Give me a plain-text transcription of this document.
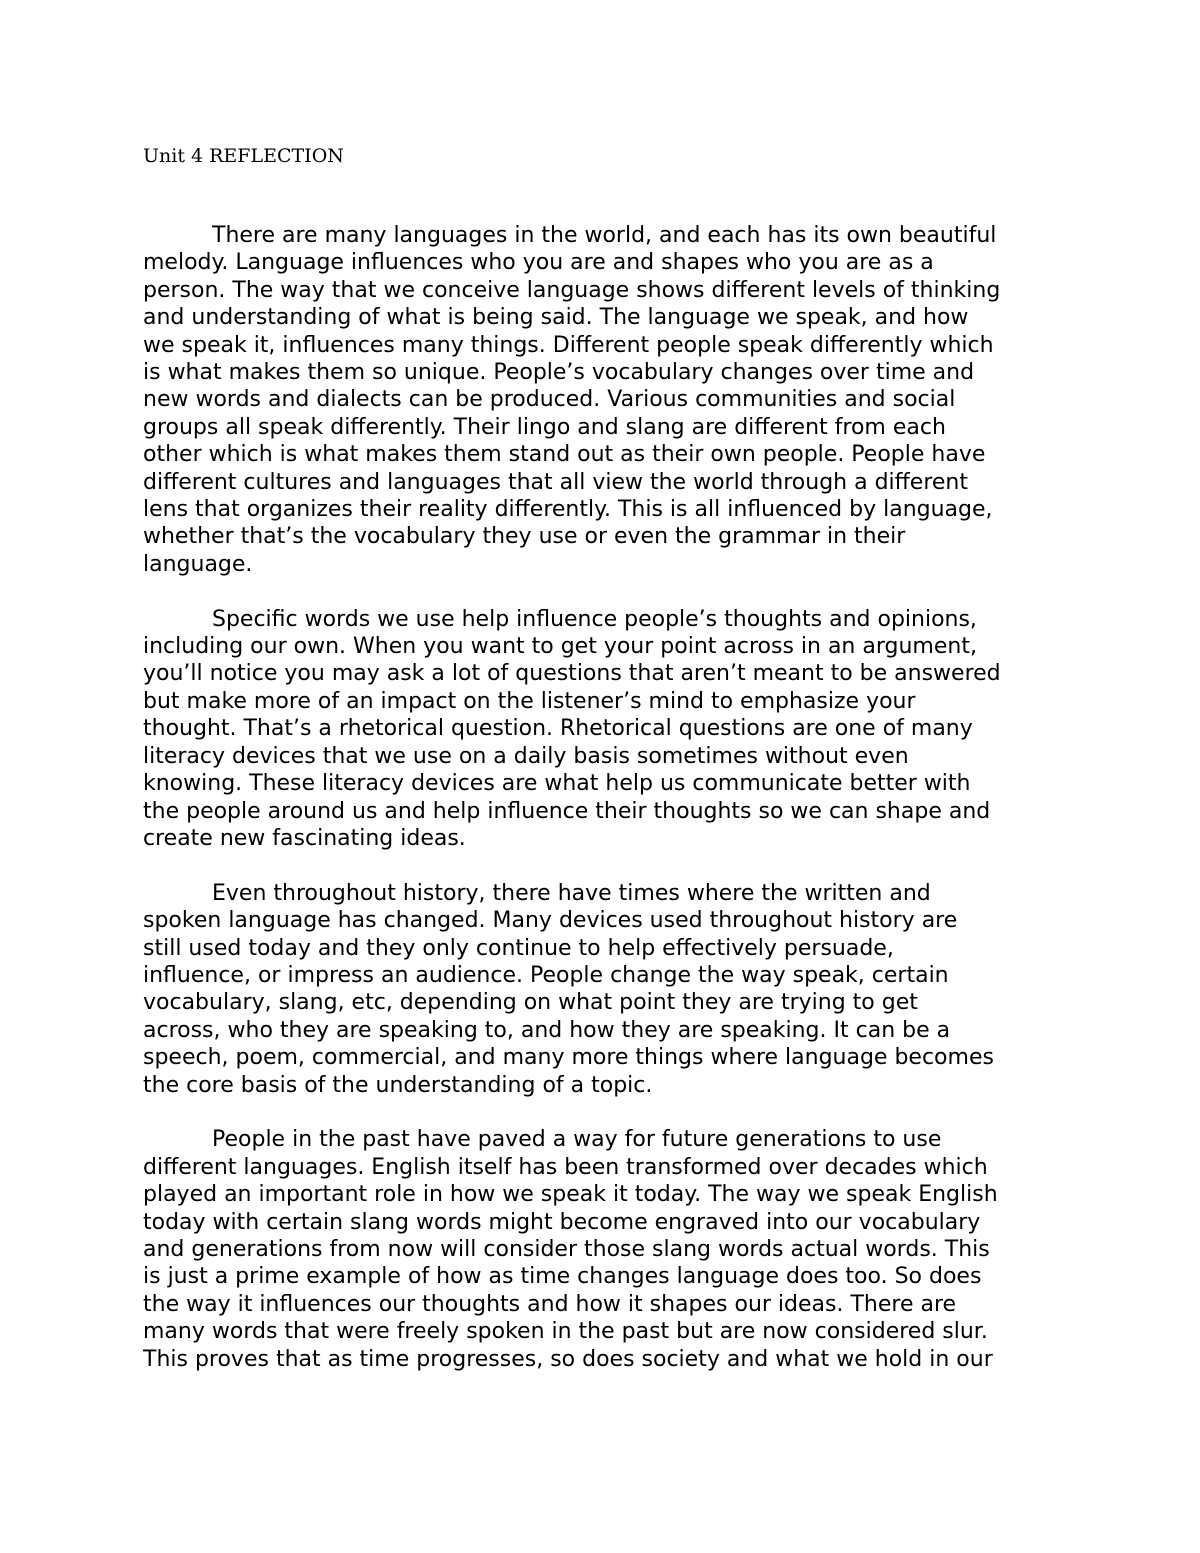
Unit 4 REFLECTION

There are many languages in the world, and each has its own beautiful
melody. Language influences who you are and shapes who you are as a
person. The way that we conceive language shows different levels of thinking
and understanding of what is being said. The language we speak, and how
we speak it, influences many things. Different people speak differently which
is what makes them so unique. People’s vocabulary changes over time and
new words and dialects can be produced. Various communities and social
groups all speak differently. Their lingo and slang are different from each
other which is what makes them stand out as their own people. People have
different cultures and languages that all view the world through a different
lens that organizes their reality differently. This is all influenced by language,
whether that’s the vocabulary they use or even the grammar in their
language.

Specific words we use help influence people’s thoughts and opinions,
including our own. When you want to get your point across in an argument,
you’ll notice you may ask a lot of questions that aren’t meant to be answered
but make more of an impact on the listener’s mind to emphasize your
thought. That’s a rhetorical question. Rhetorical questions are one of many
literacy devices that we use on a daily basis sometimes without even
knowing. These literacy devices are what help us communicate better with
the people around us and help influence their thoughts so we can shape and
create new fascinating ideas.

Even throughout history, there have times where the written and
spoken language has changed. Many devices used throughout history are
still used today and they only continue to help effectively persuade,
influence, or impress an audience. People change the way speak, certain
vocabulary, slang, etc, depending on what point they are trying to get
across, who they are speaking to, and how they are speaking. It can be a
speech, poem, commercial, and many more things where language becomes
the core basis of the understanding of a topic.

People in the past have paved a way for future generations to use
different languages. English itself has been transformed over decades which
played an important role in how we speak it today. The way we speak English
today with certain slang words might become engraved into our vocabulary
and generations from now will consider those slang words actual words. This
is just a prime example of how as time changes language does too. So does
the way it influences our thoughts and how it shapes our ideas. There are
many words that were freely spoken in the past but are now considered slur.
This proves that as time progresses, so does society and what we hold in our
